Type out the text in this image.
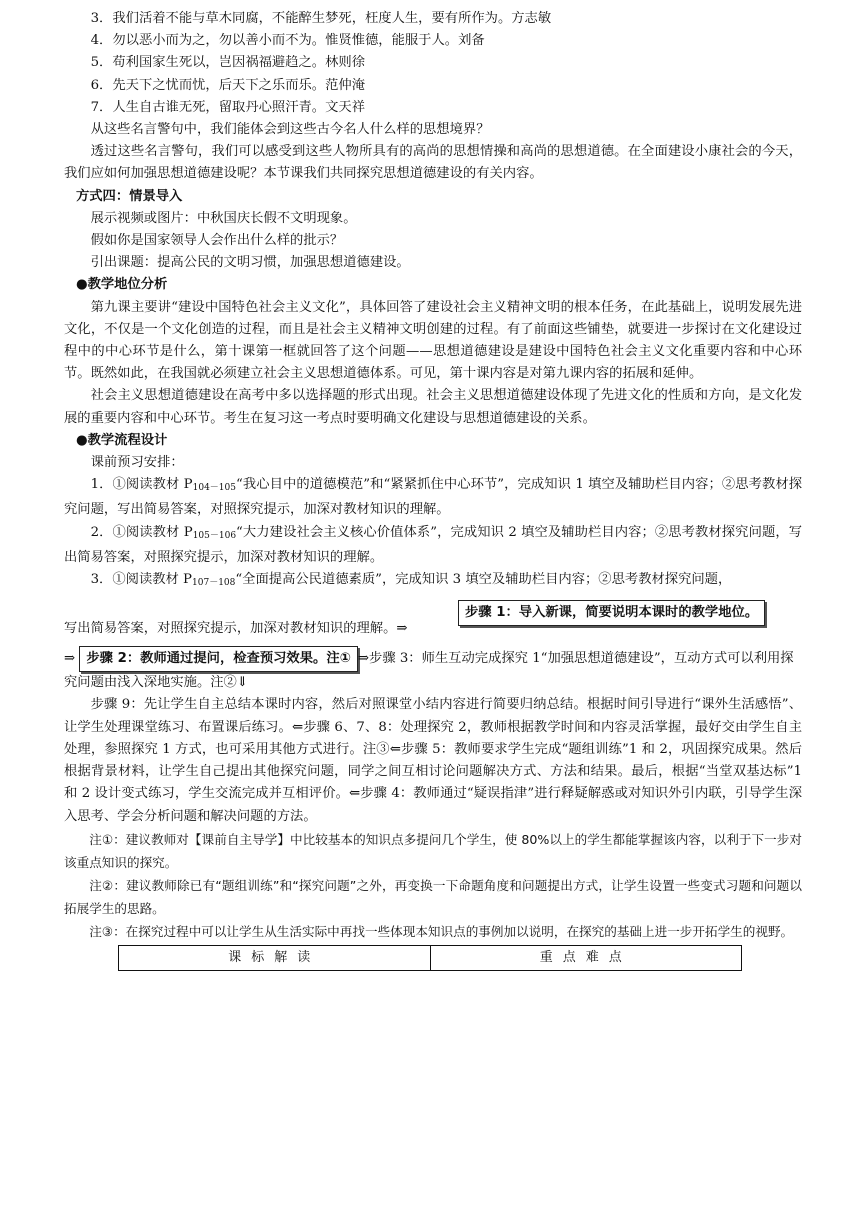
3．我们活着不能与草木同腐，不能醉生梦死，枉度人生，要有所作为。方志敏

4．勿以恶小而为之，勿以善小而不为。惟贤惟德，能服于人。刘备

5．苟利国家生死以，岂因祸福避趋之。林则徐

6．先天下之忧而忧，后天下之乐而乐。范仲淹

7．人生自古谁无死，留取丹心照汗青。文天祥

从这些名言警句中，我们能体会到这些古今名人什么样的思想境界？

透过这些名言警句，我们可以感受到这些人物所具有的高尚的思想情操和高尚的思想道德。在全面建设小康社会的今天，我们应如何加强思想道德建设呢？本节课我们共同探究思想道德建设的有关内容。

方式四：情景导入

展示视频或图片：中秋国庆长假不文明现象。

假如你是国家领导人会作出什么样的批示？

引出课题：提高公民的文明习惯，加强思想道德建设。

●教学地位分析

第九课主要讲“建设中国特色社会主义文化”，具体回答了建设社会主义精神文明的根本任务，在此基础上，说明发展先进文化，不仅是一个文化创造的过程，而且是社会主义精神文明创建的过程。有了前面这些铺垫，就要进一步探讨在文化建设过程中的中心环节是什么，第十课第一框就回答了这个问题——思想道德建设是建设中国特色社会主义文化重要内容和中心环节。既然如此，在我国就必须建立社会主义思想道德体系。可见，第十课内容是对第九课内容的拓展和延伸。

社会主义思想道德建设在高考中多以选择题的形式出现。社会主义思想道德建设体现了先进文化的性质和方向，是文化发展的重要内容和中心环节。考生在复习这一考点时要明确文化建设与思想道德建设的关系。

●教学流程设计

课前预习安排：

1．①阅读教材 $P_{104-105}“$我心目中的道德模范”和“紧紧抓住中心环节”，完成知识 1 填空及辅助栏目内容；②思考教材探究问题，写出简易答案，对照探究提示，加深对教材知识的理解。

2．①阅读教材 $P_{105-106}“$大力建设社会主义核心价值体系”，完成知识 2 填空及辅助栏目内容；②思考教材探究问题，写出简易答案，对照探究提示，加深对教材知识的理解。

3．①阅读教材 $P_{107-108}“$全面提高公民道德素质”，完成知识 3 填空及辅助栏目内容；②思考教材探究问题，

写出简易答案，对照探究提示，加深对教材知识的理解。⇒
步骤 1：导入新课，简要说明本课时的教学地位。

⇒ 步骤 2：教师通过提问，检查预习效果。注① ⇒步骤 3：师生互动完成探究 1“加强思想道德建设”，互动方式可以利用探究问题由浅入深地实施。注②⇓

步骤 9：先让学生自主总结本课时内容，然后对照课堂小结内容进行简要归纳总结。根据时间引导进行“课外生活感悟”、让学生处理课堂练习、布置课后练习。⇐步骤 6、7、8：处理探究 2，教师根据教学时间和内容灵活掌握，最好交由学生自主处理，参照探究 1 方式，也可采用其他方式进行。注③⇐步骤 5：教师要求学生完成“题组训练”1 和 2，巩固探究成果。然后根据背景材料，让学生自己提出其他探究问题，同学之间互相讨论问题解决方式、方法和结果。最后，根据“当堂双基达标”1 和 2 设计变式练习，学生交流完成并互相评价。⇐步骤 4：教师通过“疑误指津”进行释疑解惑或对知识外引内联，引导学生深入思考、学会分析问题和解决问题的方法。

注①：建议教师对【课前自主导学】中比较基本的知识点多提问几个学生，使 80%以上的学生都能掌握该内容，以利于下一步对该重点知识的探究。

注②：建议教师除已有“题组训练”和“探究问题”之外，再变换一下命题角度和问题提出方式，让学生设置一些变式习题和问题以拓展学生的思路。

注③：在探究过程中可以让学生从生活实际中再找一些体现本知识点的事例加以说明，在探究的基础上进一步开拓学生的视野。

课标解读	重点难点
